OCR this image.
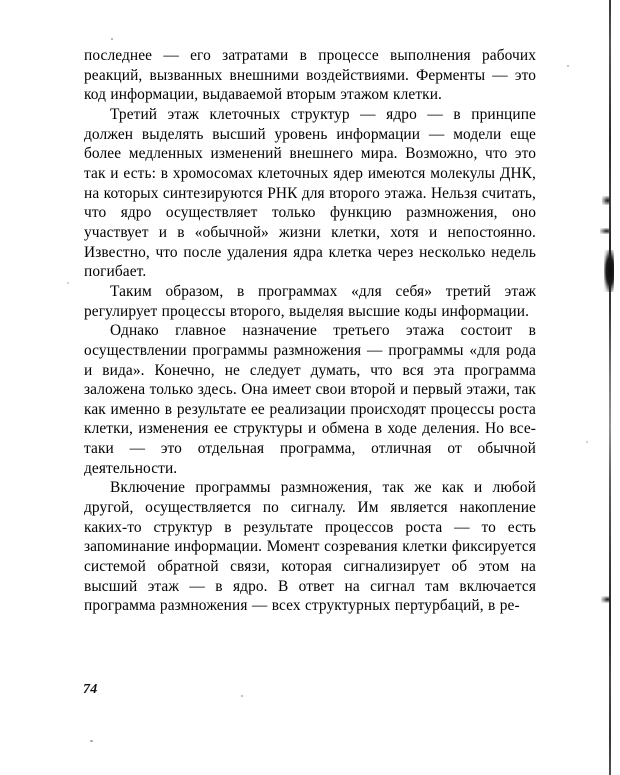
последнее — его затратами в процессе выполнения рабочих реакций, вызванных внешними воздействиями. Ферменты — это код информации, выдаваемой вторым этажом клетки.

Третий этаж клеточных структур — ядро — в принципе должен выделять высший уровень информации — модели еще более медленных изменений внешнего мира. Возможно, что это так и есть: в хромосомах клеточных ядер имеются молекулы ДНК, на которых синтезируются РНК для второго этажа. Нельзя считать, что ядро осуществляет только функцию размножения, оно участвует и в «обычной» жизни клетки, хотя и непостоянно. Известно, что после удаления ядра клетка через несколько недель погибает.

Таким образом, в программах «для себя» третий этаж регулирует процессы второго, выделяя высшие коды информации.

Однако главное назначение третьего этажа состоит в осуществлении программы размножения — программы «для рода и вида». Конечно, не следует думать, что вся эта программа заложена только здесь. Она имеет свои второй и первый этажи, так как именно в результате ее реализации происходят процессы роста клетки, изменения ее структуры и обмена в ходе деления. Но все-таки — это отдельная программа, отличная от обычной деятельности.

Включение программы размножения, так же как и любой другой, осуществляется по сигналу. Им является накопление каких-то структур в результате процессов роста — то есть запоминание информации. Момент созревания клетки фиксируется системой обратной связи, которая сигнализирует об этом на высший этаж — в ядро. В ответ на сигнал там включается программа размножения — всех структурных пертурбаций, в ре-

74
